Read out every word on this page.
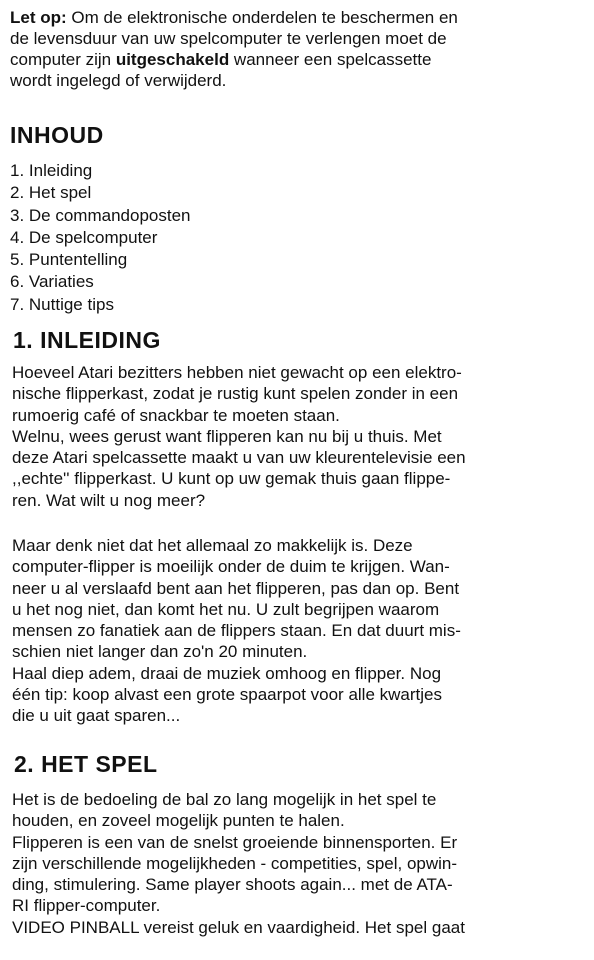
Let op: Om de elektronische onderdelen te beschermen en
de levensduur van uw spelcomputer te verlengen moet de
computer zijn uitgeschakeld wanneer een spelcassette
wordt ingelegd of verwijderd.
INHOUD
1. Inleiding
2. Het spel
3. De commandoposten
4. De spelcomputer
5. Puntentelling
6. Variaties
7. Nuttige tips
1. INLEIDING
Hoeveel Atari bezitters hebben niet gewacht op een elektro-
nische flipperkast, zodat je rustig kunt spelen zonder in een
rumoerig café of snackbar te moeten staan.
Welnu, wees gerust want flipperen kan nu bij u thuis. Met
deze Atari spelcassette maakt u van uw kleurentelevisie een
,,echte'' flipperkast. U kunt op uw gemak thuis gaan flippe-
ren. Wat wilt u nog meer?
Maar denk niet dat het allemaal zo makkelijk is. Deze
computer-flipper is moeilijk onder de duim te krijgen. Wan-
neer u al verslaafd bent aan het flipperen, pas dan op. Bent
u het nog niet, dan komt het nu. U zult begrijpen waarom
mensen zo fanatiek aan de flippers staan. En dat duurt mis-
schien niet langer dan zo'n 20 minuten.
Haal diep adem, draai de muziek omhoog en flipper. Nog
één tip: koop alvast een grote spaarpot voor alle kwartjes
die u uit gaat sparen...
2. HET SPEL
Het is de bedoeling de bal zo lang mogelijk in het spel te
houden, en zoveel mogelijk punten te halen.
Flipperen is een van de snelst groeiende binnensporten. Er
zijn verschillende mogelijkheden - competities, spel, opwin-
ding, stimulering. Same player shoots again... met de ATA-
RI flipper-computer.
VIDEO PINBALL vereist geluk en vaardigheid. Het spel gaat
